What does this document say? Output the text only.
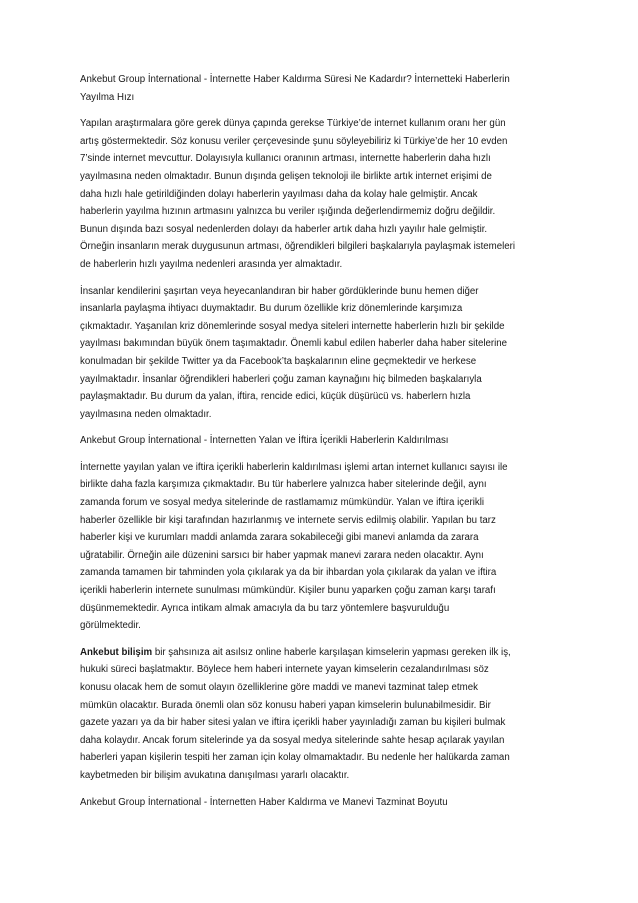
Ankebut Group İnternational - İnternette Haber Kaldırma Süresi Ne Kadardır? İnternetteki Haberlerin
Yayılma Hızı
Yapılan araştırmalara göre gerek dünya çapında gerekse Türkiye’de internet kullanım oranı her gün
artış göstermektedir. Söz konusu veriler çerçevesinde şunu söyleyebiliriz ki Türkiye’de her 10 evden
7’sinde internet mevcuttur. Dolayısıyla kullanıcı oranının artması, internette haberlerin daha hızlı
yayılmasına neden olmaktadır. Bunun dışında gelişen teknoloji ile birlikte artık internet erişimi de
daha hızlı hale getirildiğinden dolayı haberlerin yayılması daha da kolay hale gelmiştir. Ancak
haberlerin yayılma hızının artmasını yalnızca bu veriler ışığında değerlendirmemiz doğru değildir.
Bunun dışında bazı sosyal nedenlerden dolayı da haberler artık daha hızlı yayılır hale gelmiştir.
Örneğin insanların merak duygusunun artması, öğrendikleri bilgileri başkalarıyla paylaşmak istemeleri
de haberlerin hızlı yayılma nedenleri arasında yer almaktadır.
İnsanlar kendilerini şaşırtan veya heyecanlandıran bir haber gördüklerinde bunu hemen diğer
insanlarla paylaşma ihtiyacı duymaktadır. Bu durum özellikle kriz dönemlerinde karşımıza
çıkmaktadır. Yaşanılan kriz dönemlerinde sosyal medya siteleri internette haberlerin hızlı bir şekilde
yayılması bakımından büyük önem taşımaktadır. Önemli kabul edilen haberler daha haber sitelerine
konulmadan bir şekilde Twitter ya da Facebook’ta başkalarının eline geçmektedir ve herkese
yayılmaktadır. İnsanlar öğrendikleri haberleri çoğu zaman kaynağını hiç bilmeden başkalarıyla
paylaşmaktadır. Bu durum da yalan, iftira, rencide edici, küçük düşürücü vs. haberlern hızla
yayılmasına neden olmaktadır.
Ankebut Group İnternational - İnternetten Yalan ve İftira İçerikli Haberlerin Kaldırılması
İnternette yayılan yalan ve iftira içerikli haberlerin kaldırılması işlemi artan internet kullanıcı sayısı ile
birlikte daha fazla karşımıza çıkmaktadır. Bu tür haberlere yalnızca haber sitelerinde değil, aynı
zamanda forum ve sosyal medya sitelerinde de rastlamamız mümkündür. Yalan ve iftira içerikli
haberler özellikle bir kişi tarafından hazırlanmış ve internete servis edilmiş olabilir. Yapılan bu tarz
haberler kişi ve kurumları maddi anlamda zarara sokabileceği gibi manevi anlamda da zarara
uğratabilir. Örneğin aile düzenini sarsıcı bir haber yapmak manevi zarara neden olacaktır. Aynı
zamanda tamamen bir tahminden yola çıkılarak ya da bir ihbardan yola çıkılarak da yalan ve iftira
içerikli haberlerin internete sunulması mümkündür. Kişiler bunu yaparken çoğu zaman karşı tarafı
düşünmemektedir. Ayrıca intikam almak amacıyla da bu tarz yöntemlere başvurulduğu
görülmektedir.
Ankebut bilişim bir şahsınıza ait asılsız online haberle karşılaşan kimselerin yapması gereken ilk iş,
hukuki süreci başlatmaktır. Böylece hem haberi internete yayan kimselerin cezalandırılması söz
konusu olacak hem de somut olayın özelliklerine göre maddi ve manevi tazminat talep etmek
mümkün olacaktır. Burada önemli olan söz konusu haberi yapan kimselerin bulunabilmesidir. Bir
gazete yazarı ya da bir haber sitesi yalan ve iftira içerikli haber yayınladığı zaman bu kişileri bulmak
daha kolaydır. Ancak forum sitelerinde ya da sosyal medya sitelerinde sahte hesap açılarak yayılan
haberleri yapan kişilerin tespiti her zaman için kolay olmamaktadır. Bu nedenle her halükarda zaman
kaybetmeden bir bilişim avukatına danışılması yararlı olacaktır.
Ankebut Group İnternational - İnternetten Haber Kaldırma ve Manevi Tazminat Boyutu
